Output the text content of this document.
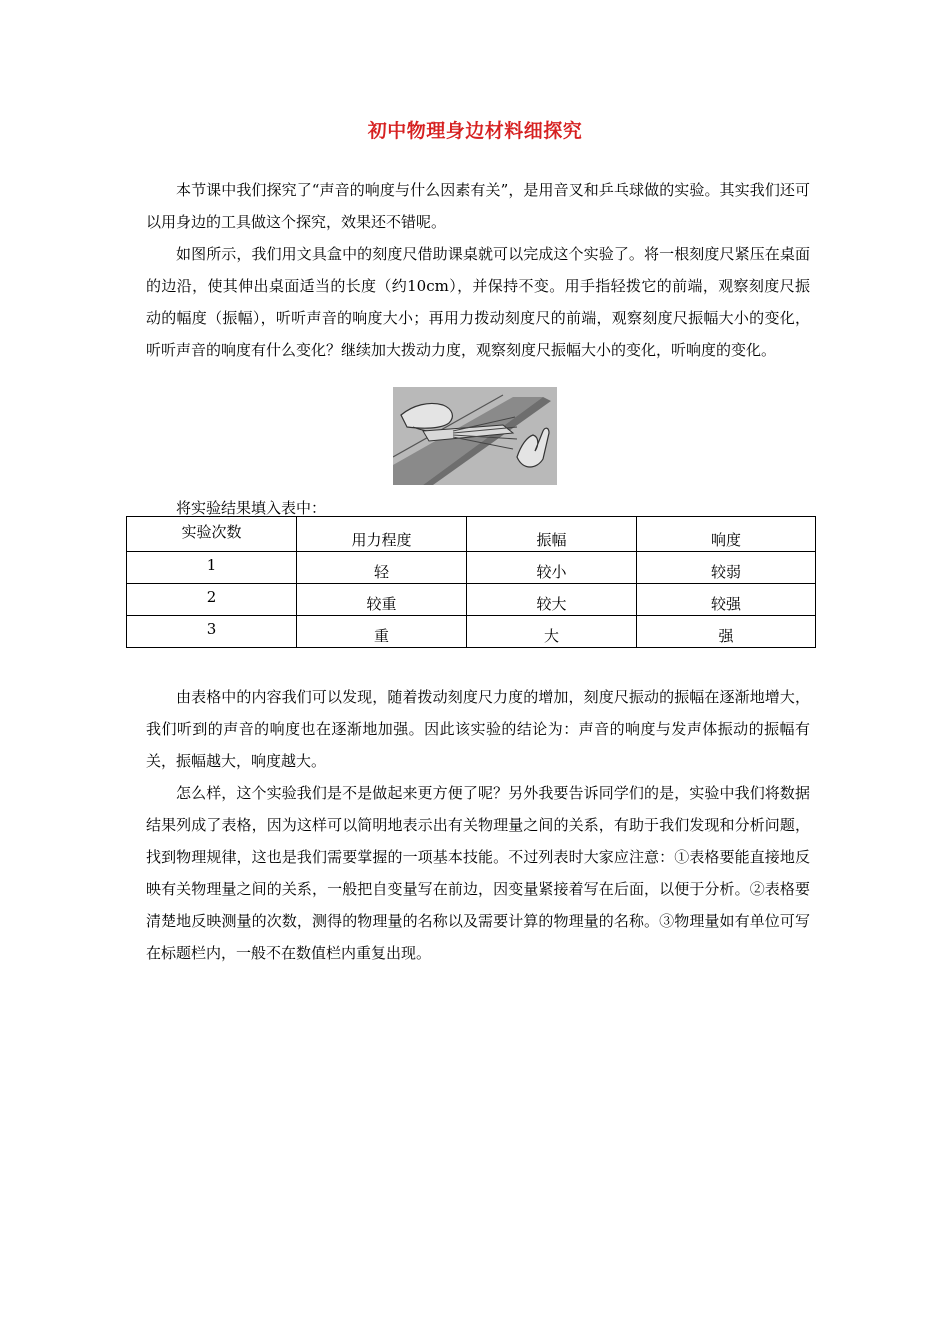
初中物理身边材料细探究

本节课中我们探究了“声音的响度与什么因素有关”，是用音叉和乒乓球做的实验。其实我们还可以用身边的工具做这个探究，效果还不错呢。

如图所示，我们用文具盒中的刻度尺借助课桌就可以完成这个实验了。将一根刻度尺紧压在桌面的边沿，使其伸出桌面适当的长度（约10cm），并保持不变。用手指轻拨它的前端，观察刻度尺振动的幅度（振幅），听听声音的响度大小；再用力拨动刻度尺的前端，观察刻度尺振幅大小的变化，听听声音的响度有什么变化？继续加大拨动力度，观察刻度尺振幅大小的变化，听响度的变化。

将实验结果填入表中：
实验次数	用力程度	振幅	响度

1	轻	较小	较弱

2	较重	较大	较强

3	重	大	强

由表格中的内容我们可以发现，随着拨动刻度尺力度的增加，刻度尺振动的振幅在逐渐地增大，我们听到的声音的响度也在逐渐地加强。因此该实验的结论为：声音的响度与发声体振动的振幅有关，振幅越大，响度越大。

怎么样，这个实验我们是不是做起来更方便了呢？另外我要告诉同学们的是，实验中我们将数据结果列成了表格，因为这样可以简明地表示出有关物理量之间的关系，有助于我们发现和分析问题，找到物理规律，这也是我们需要掌握的一项基本技能。不过列表时大家应注意：①表格要能直接地反映有关物理量之间的关系，一般把自变量写在前边，因变量紧接着写在后面，以便于分析。②表格要清楚地反映测量的次数，测得的物理量的名称以及需要计算的物理量的名称。③物理量如有单位可写在标题栏内，一般不在数值栏内重复出现。
